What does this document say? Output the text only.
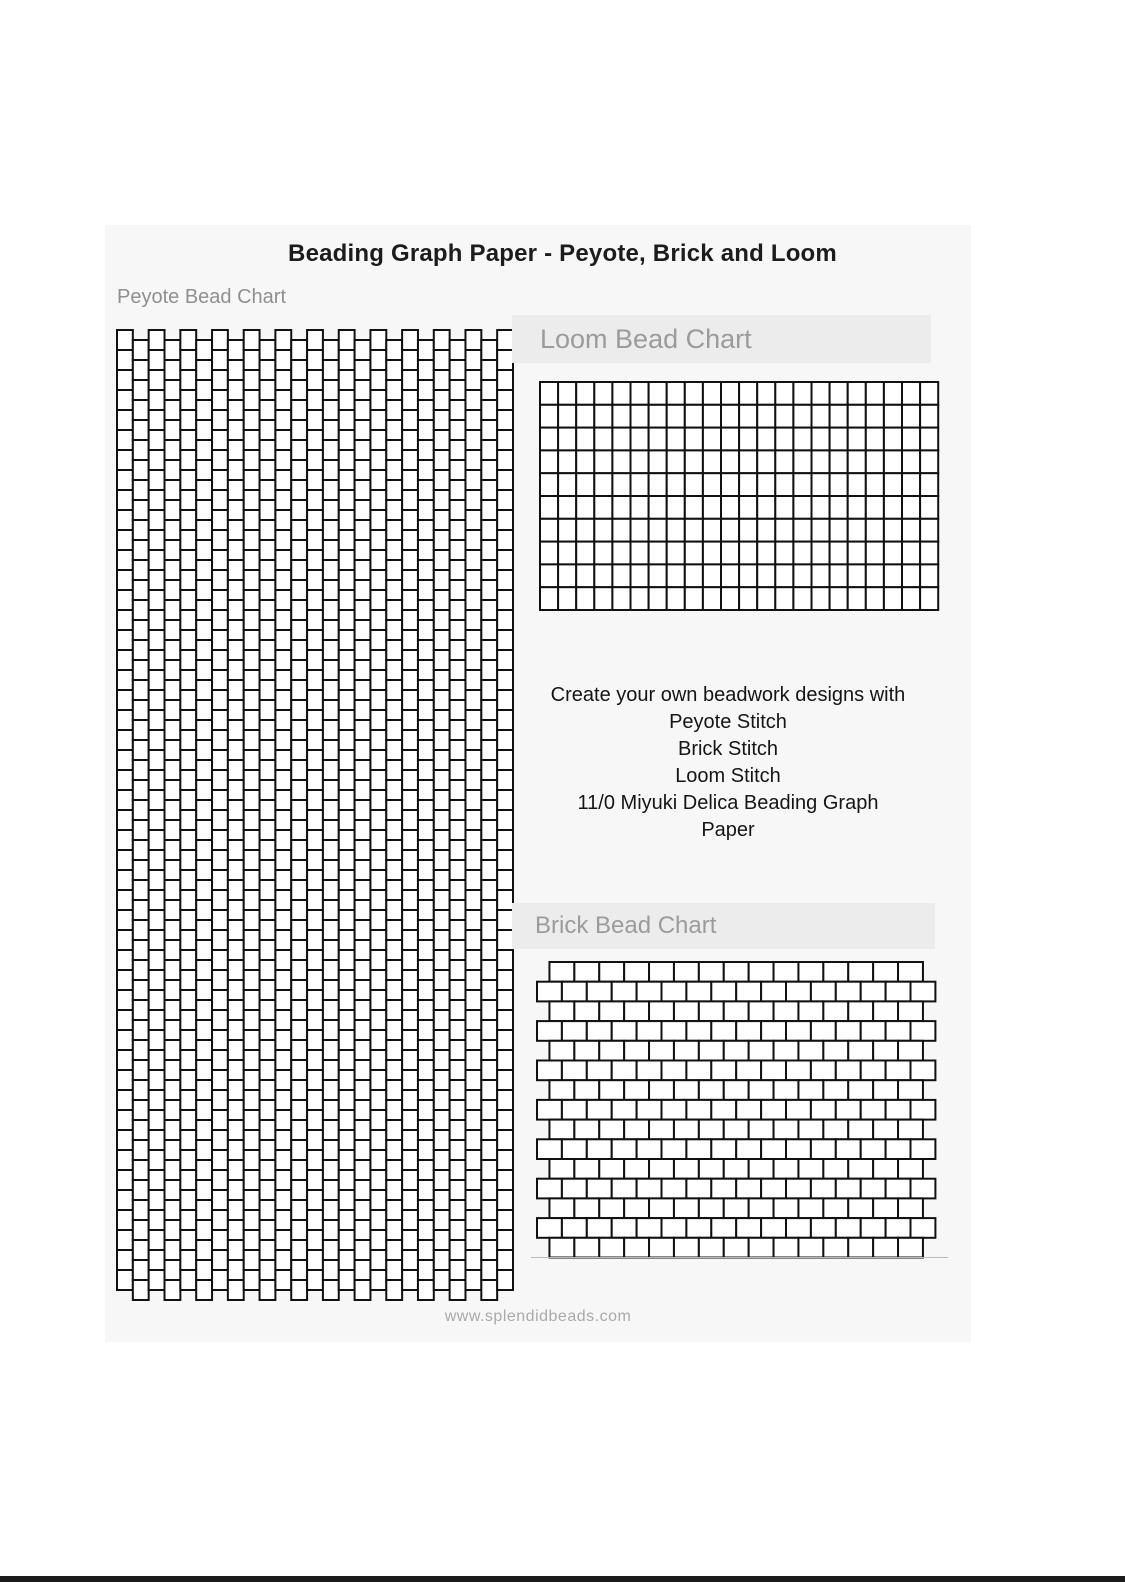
Beading Graph Paper - Peyote, Brick and Loom
Peyote Bead Chart
Loom Bead Chart
Create your own beadwork designs with
Peyote Stitch
Brick Stitch
Loom Stitch
11/0 Miyuki Delica Beading Graph
Paper
Brick Bead Chart
www.splendidbeads.com
